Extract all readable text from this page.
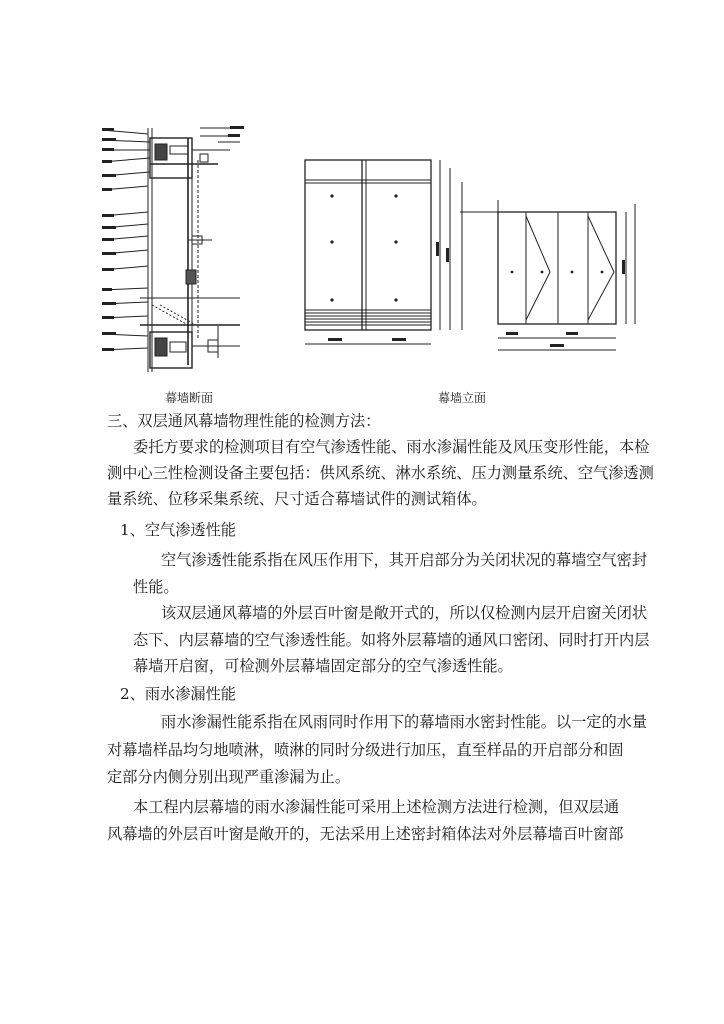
幕墙断面	幕墙立面
三、双层通风幕墙物理性能的检测方法：
委托方要求的检测项目有空气渗透性能、雨水渗漏性能及风压变形性能，本检
测中心三性检测设备主要包括：供风系统、淋水系统、压力测量系统、空气渗透测
量系统、位移采集系统、尺寸适合幕墙试件的测试箱体。
1、空气渗透性能
空气渗透性能系指在风压作用下，其开启部分为关闭状况的幕墙空气密封
性能。
该双层通风幕墙的外层百叶窗是敞开式的，所以仅检测内层开启窗关闭状
态下、内层幕墙的空气渗透性能。如将外层幕墙的通风口密闭、同时打开内层
幕墙开启窗，可检测外层幕墙固定部分的空气渗透性能。
2、雨水渗漏性能
雨水渗漏性能系指在风雨同时作用下的幕墙雨水密封性能。以一定的水量
对幕墙样品均匀地喷淋，喷淋的同时分级进行加压，直至样品的开启部分和固
定部分内侧分别出现严重渗漏为止。
本工程内层幕墙的雨水渗漏性能可采用上述检测方法进行检测，但双层通
风幕墙的外层百叶窗是敞开的，无法采用上述密封箱体法对外层幕墙百叶窗部
